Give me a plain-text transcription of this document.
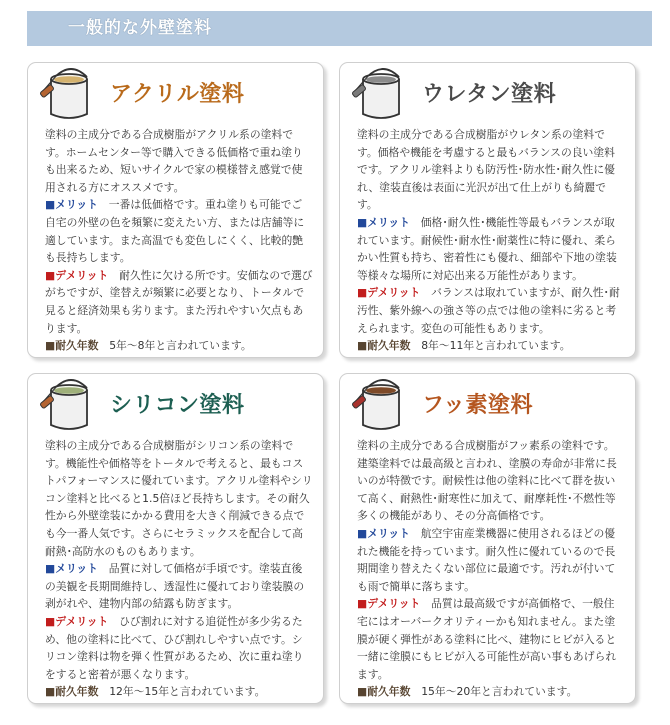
一般的な外壁塗料
アクリル塗料

塗料の主成分である合成樹脂がアクリル系の塗料です。ホームセンター等で購入できる低価格で重ね塗りも出来るため、短いサイクルで家の模様替え感覚で使用される方にオススメです。

■メリット　 一番は低価格です。重ね塗りも可能でご自宅の外壁の色を頻繁に変えたい方、または店舗等に適しています。また高温でも変色しにくく、比較的艶も長持ちします。

■デメリット　 耐久性に欠ける所です。安価なので選びがちですが、塗替えが頻繁に必要となり、トータルで見ると経済効果も劣ります。また汚れやすい欠点もあります。

■耐久年数　 5年～8年と言われています。

ウレタン塗料

塗料の主成分である合成樹脂がウレタン系の塗料です。価格や機能を考慮すると最もバランスの良い塗料です。アクリル塗料よりも防汚性･防水性･耐久性に優れ、塗装直後は表面に光沢が出て仕上がりも綺麗です。

■メリット　 価格･耐久性･機能性等最もバランスが取れています。耐候性･耐水性･耐薬性に特に優れ、柔らかい性質も持ち、密着性にも優れ、細部や下地の塗装等様々な場所に対応出来る万能性があります。

■デメリット　 バランスは取れていますが、耐久性･耐汚性、紫外線への強さ等の点では他の塗料に劣ると考えられます。変色の可能性もあります。

■耐久年数　 8年～11年と言われています。

シリコン塗料

塗料の主成分である合成樹脂がシリコン系の塗料です。機能性や価格等をトータルで考えると、最もコストパフォーマンスに優れています。アクリル塗料やシリコン塗料と比べると1.5倍ほど長持ちします。その耐久性から外壁塗装にかかる費用を大きく削減できる点でも今一番人気です。さらにセラミックスを配合して高耐熱･高防水のものもあります。

■メリット　 品質に対して価格が手頃です。塗装直後の美観を長期間維持し、透湿性に優れており塗装膜の剥がれや、建物内部の結露も防ぎます。

■デメリット　 ひび割れに対する追従性が多少劣るため、他の塗料に比べて、ひび割れしやすい点です。シリコン塗料は物を弾く性質があるため、次に重ね塗りをすると密着が悪くなります。

■耐久年数　 12年～15年と言われています。

フッ素塗料

塗料の主成分である合成樹脂がフッ素系の塗料です。建築塗料では最高級と言われ、塗膜の寿命が非常に長いのが特徴です。耐候性は他の塗料に比べて群を抜いて高く、耐熱性･耐寒性に加えて、耐摩耗性･不燃性等多くの機能があり、その分高価格です。

■メリット　 航空宇宙産業機器に使用されるほどの優れた機能を持っています。耐久性に優れているので長期間塗り替えたくない部位に最適です。汚れが付いても雨で簡単に落ちます。

■デメリット　 品質は最高級ですが高価格で、一般住宅にはオーバークオリティーかも知れません。また塗膜が硬く弾性がある塗料に比べ、建物にヒビが入ると一緒に塗膜にもヒビが入る可能性が高い事もあげられます。

■耐久年数　 15年～20年と言われています。
